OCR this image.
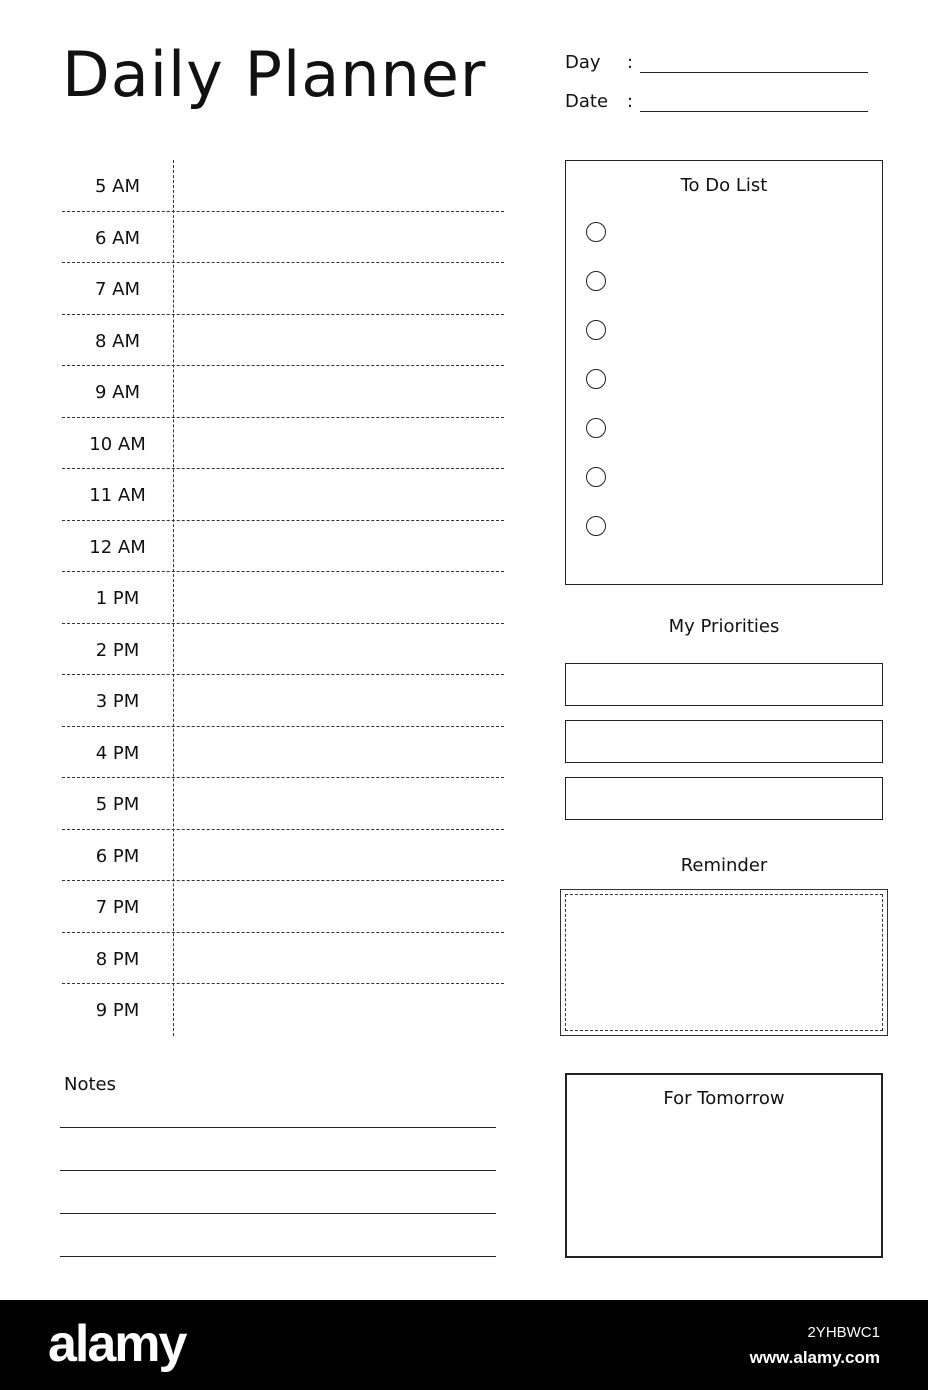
Daily Planner	Day :
Date :
5 AM
6 AM
7 AM
8 AM
9 AM
10 AM
11 AM
12 AM
1 PM
2 PM
3 PM
4 PM
5 PM
6 PM
7 PM
8 PM
9 PM
Notes
To Do List
My Priorities
Reminder
For Tomorrow
alamy	2YHBWC1
www.alamy.com
